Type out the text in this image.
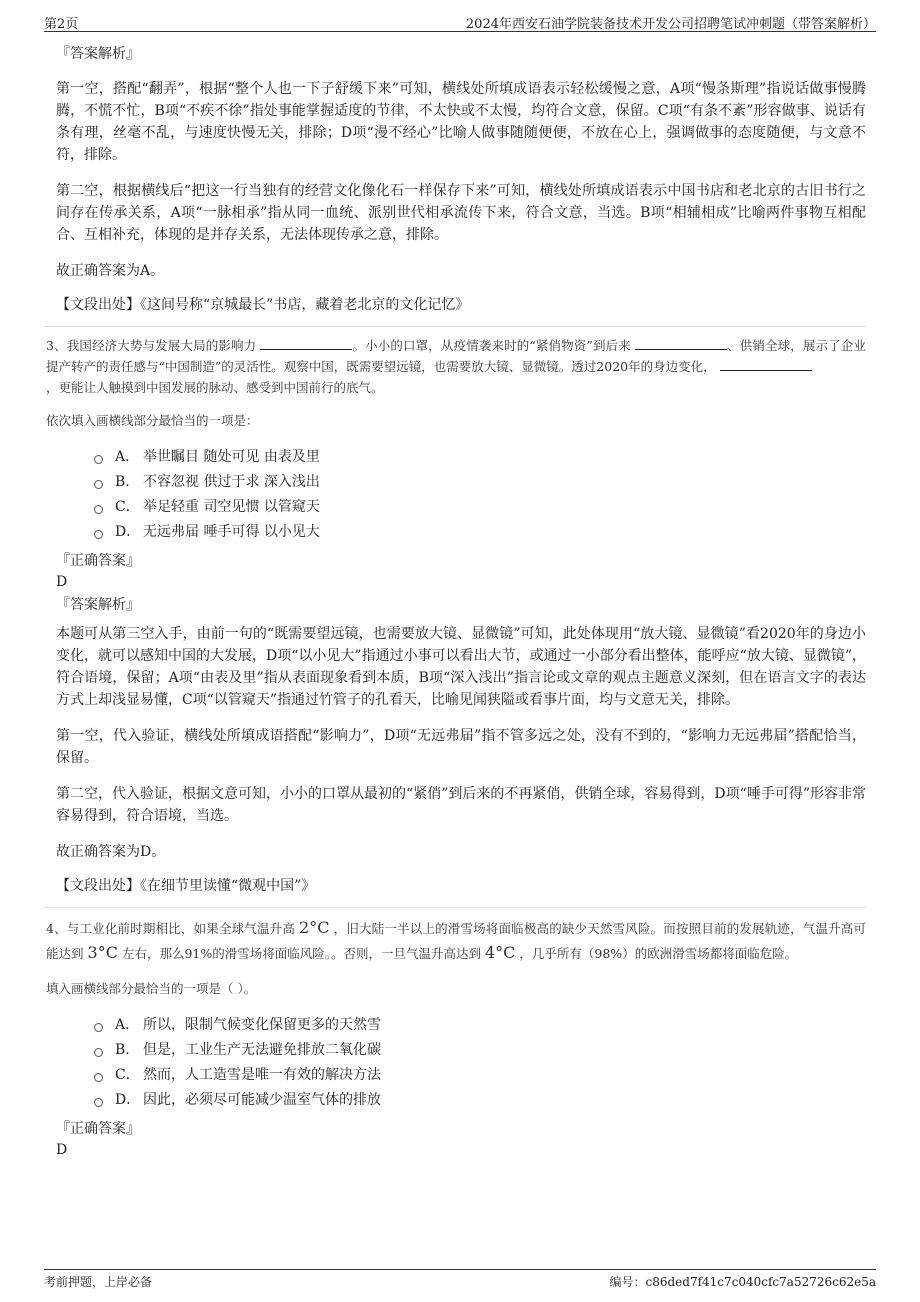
第2页	2024年西安石油学院装备技术开发公司招聘笔试冲刺题（带答案解析）
『答案解析』

第一空，搭配“翻弄”，根据“整个人也一下子舒缓下来”可知，横线处所填成语表示轻松缓慢之意，A项“慢条斯理”指说话做事慢腾腾，不慌不忙，B项“不疾不徐”指处事能掌握适度的节律，不太快或不太慢，均符合文意，保留。C项“有条不紊”形容做事、说话有条有理，丝毫不乱，与速度快慢无关，排除；D项“漫不经心”比喻人做事随随便便，不放在心上，强调做事的态度随便，与文意不符，排除。

第二空，根据横线后“把这一行当独有的经营文化像化石一样保存下来”可知，横线处所填成语表示中国书店和老北京的古旧书行之间存在传承关系，A项“一脉相承”指从同一血统、派别世代相承流传下来，符合文意，当选。B项“相辅相成”比喻两件事物互相配合、互相补充，体现的是并存关系，无法体现传承之意，排除。

故正确答案为A。

【文段出处】《这间号称“京城最长”书店，藏着老北京的文化记忆》

3、我国经济大势与发展大局的影响力	。小小的口罩，从疫情袭来时的“紧俏物资”到后来	、供销全球，展示了企业提产转产的责任感与“中国制造”的灵活性。观察中国，既需要望远镜，也需要放大镜、显微镜。透过2020年的身边变化，
，更能让人触摸到中国发展的脉动、感受到中国前行的底气。

依次填入画横线部分最恰当的一项是：

A． 举世瞩目 随处可见 由表及里
B． 不容忽视 供过于求 深入浅出
C． 举足轻重 司空见惯 以管窥天
D． 无远弗届 唾手可得 以小见大
『正确答案』
D
『答案解析』

本题可从第三空入手，由前一句的“既需要望远镜，也需要放大镜、显微镜”可知，此处体现用“放大镜、显微镜”看2020年的身边小变化，就可以感知中国的大发展，D项“以小见大”指通过小事可以看出大节，或通过一小部分看出整体，能呼应“放大镜、显微镜”，符合语境，保留；A项“由表及里”指从表面现象看到本质，B项“深入浅出”指言论或文章的观点主题意义深刻，但在语言文字的表达方式上却浅显易懂，C项“以管窥天”指通过竹管子的孔看天，比喻见闻狭隘或看事片面，均与文意无关，排除。

第一空，代入验证，横线处所填成语搭配“影响力”，D项“无远弗届”指不管多远之处，没有不到的，“影响力无远弗届”搭配恰当，保留。

第二空，代入验证，根据文意可知，小小的口罩从最初的“紧俏”到后来的不再紧俏，供销全球，容易得到，D项“唾手可得”形容非常容易得到，符合语境，当选。

故正确答案为D。

【文段出处】《在细节里读懂“微观中国”》

4、与工业化前时期相比，如果全球气温升高 2°C ，旧大陆一半以上的滑雪场将面临极高的缺少天然雪风险。而按照目前的发展轨迹，气温升高可能达到 3°C 左右，那么91%的滑雪场将面临风险。。否则，一旦气温升高达到 4°C ，几乎所有（98%）的欧洲滑雪场都将面临危险。

填入画横线部分最恰当的一项是（ ）。

A． 所以，限制气候变化保留更多的天然雪
B． 但是，工业生产无法避免排放二氧化碳
C． 然而，人工造雪是唯一有效的解决方法
D． 因此，必须尽可能减少温室气体的排放
『正确答案』
D
考前押题，上岸必备	编号：c86ded7f41c7c040cfc7a52726c62e5a
